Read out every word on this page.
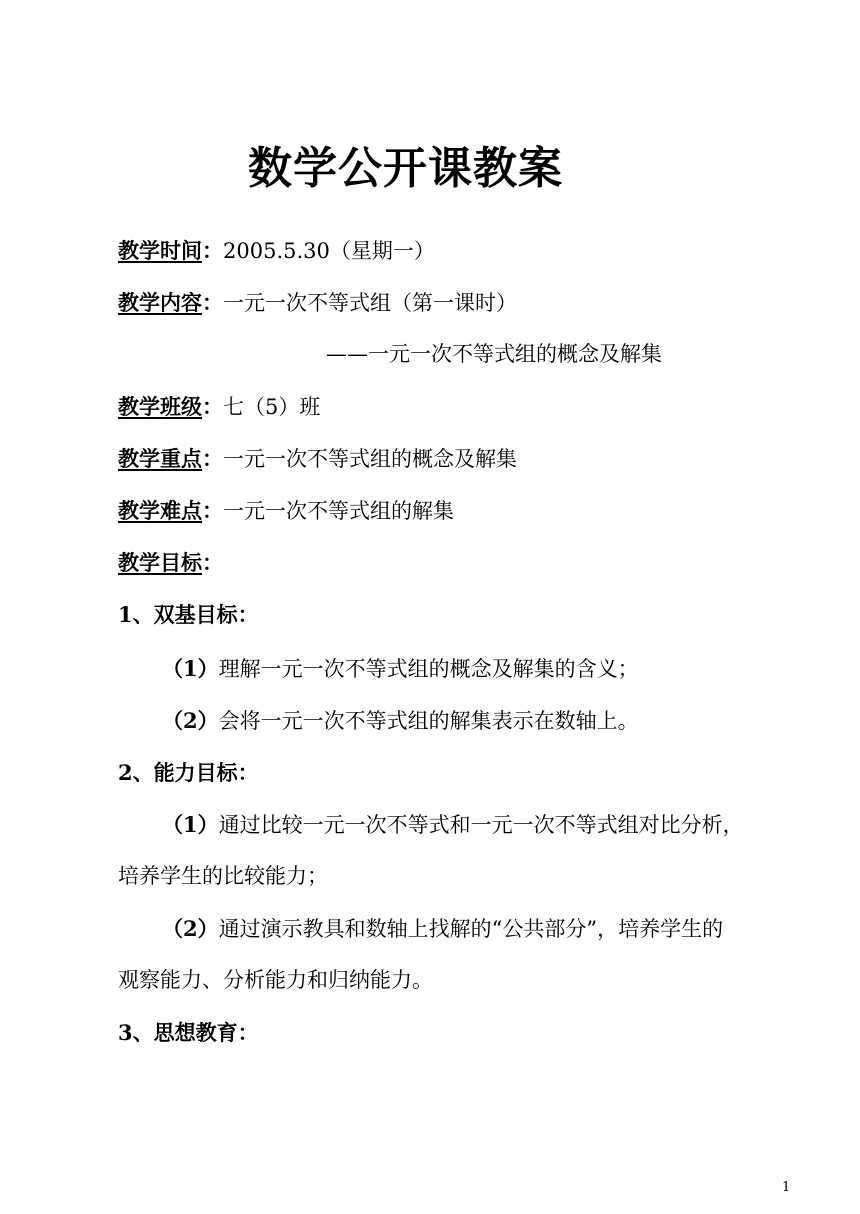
数学公开课教案
教学时间：2005.5.30（星期一）
教学内容：一元一次不等式组（第一课时）
——一元一次不等式组的概念及解集
教学班级：七（5）班
教学重点：一元一次不等式组的概念及解集
教学难点：一元一次不等式组的解集
教学目标：
1、双基目标：
（1）理解一元一次不等式组的概念及解集的含义；
（2）会将一元一次不等式组的解集表示在数轴上。
2、能力目标：
（1）通过比较一元一次不等式和一元一次不等式组对比分析，
培养学生的比较能力；
（2）通过演示教具和数轴上找解的“公共部分”，培养学生的
观察能力、分析能力和归纳能力。
3、思想教育：
1
